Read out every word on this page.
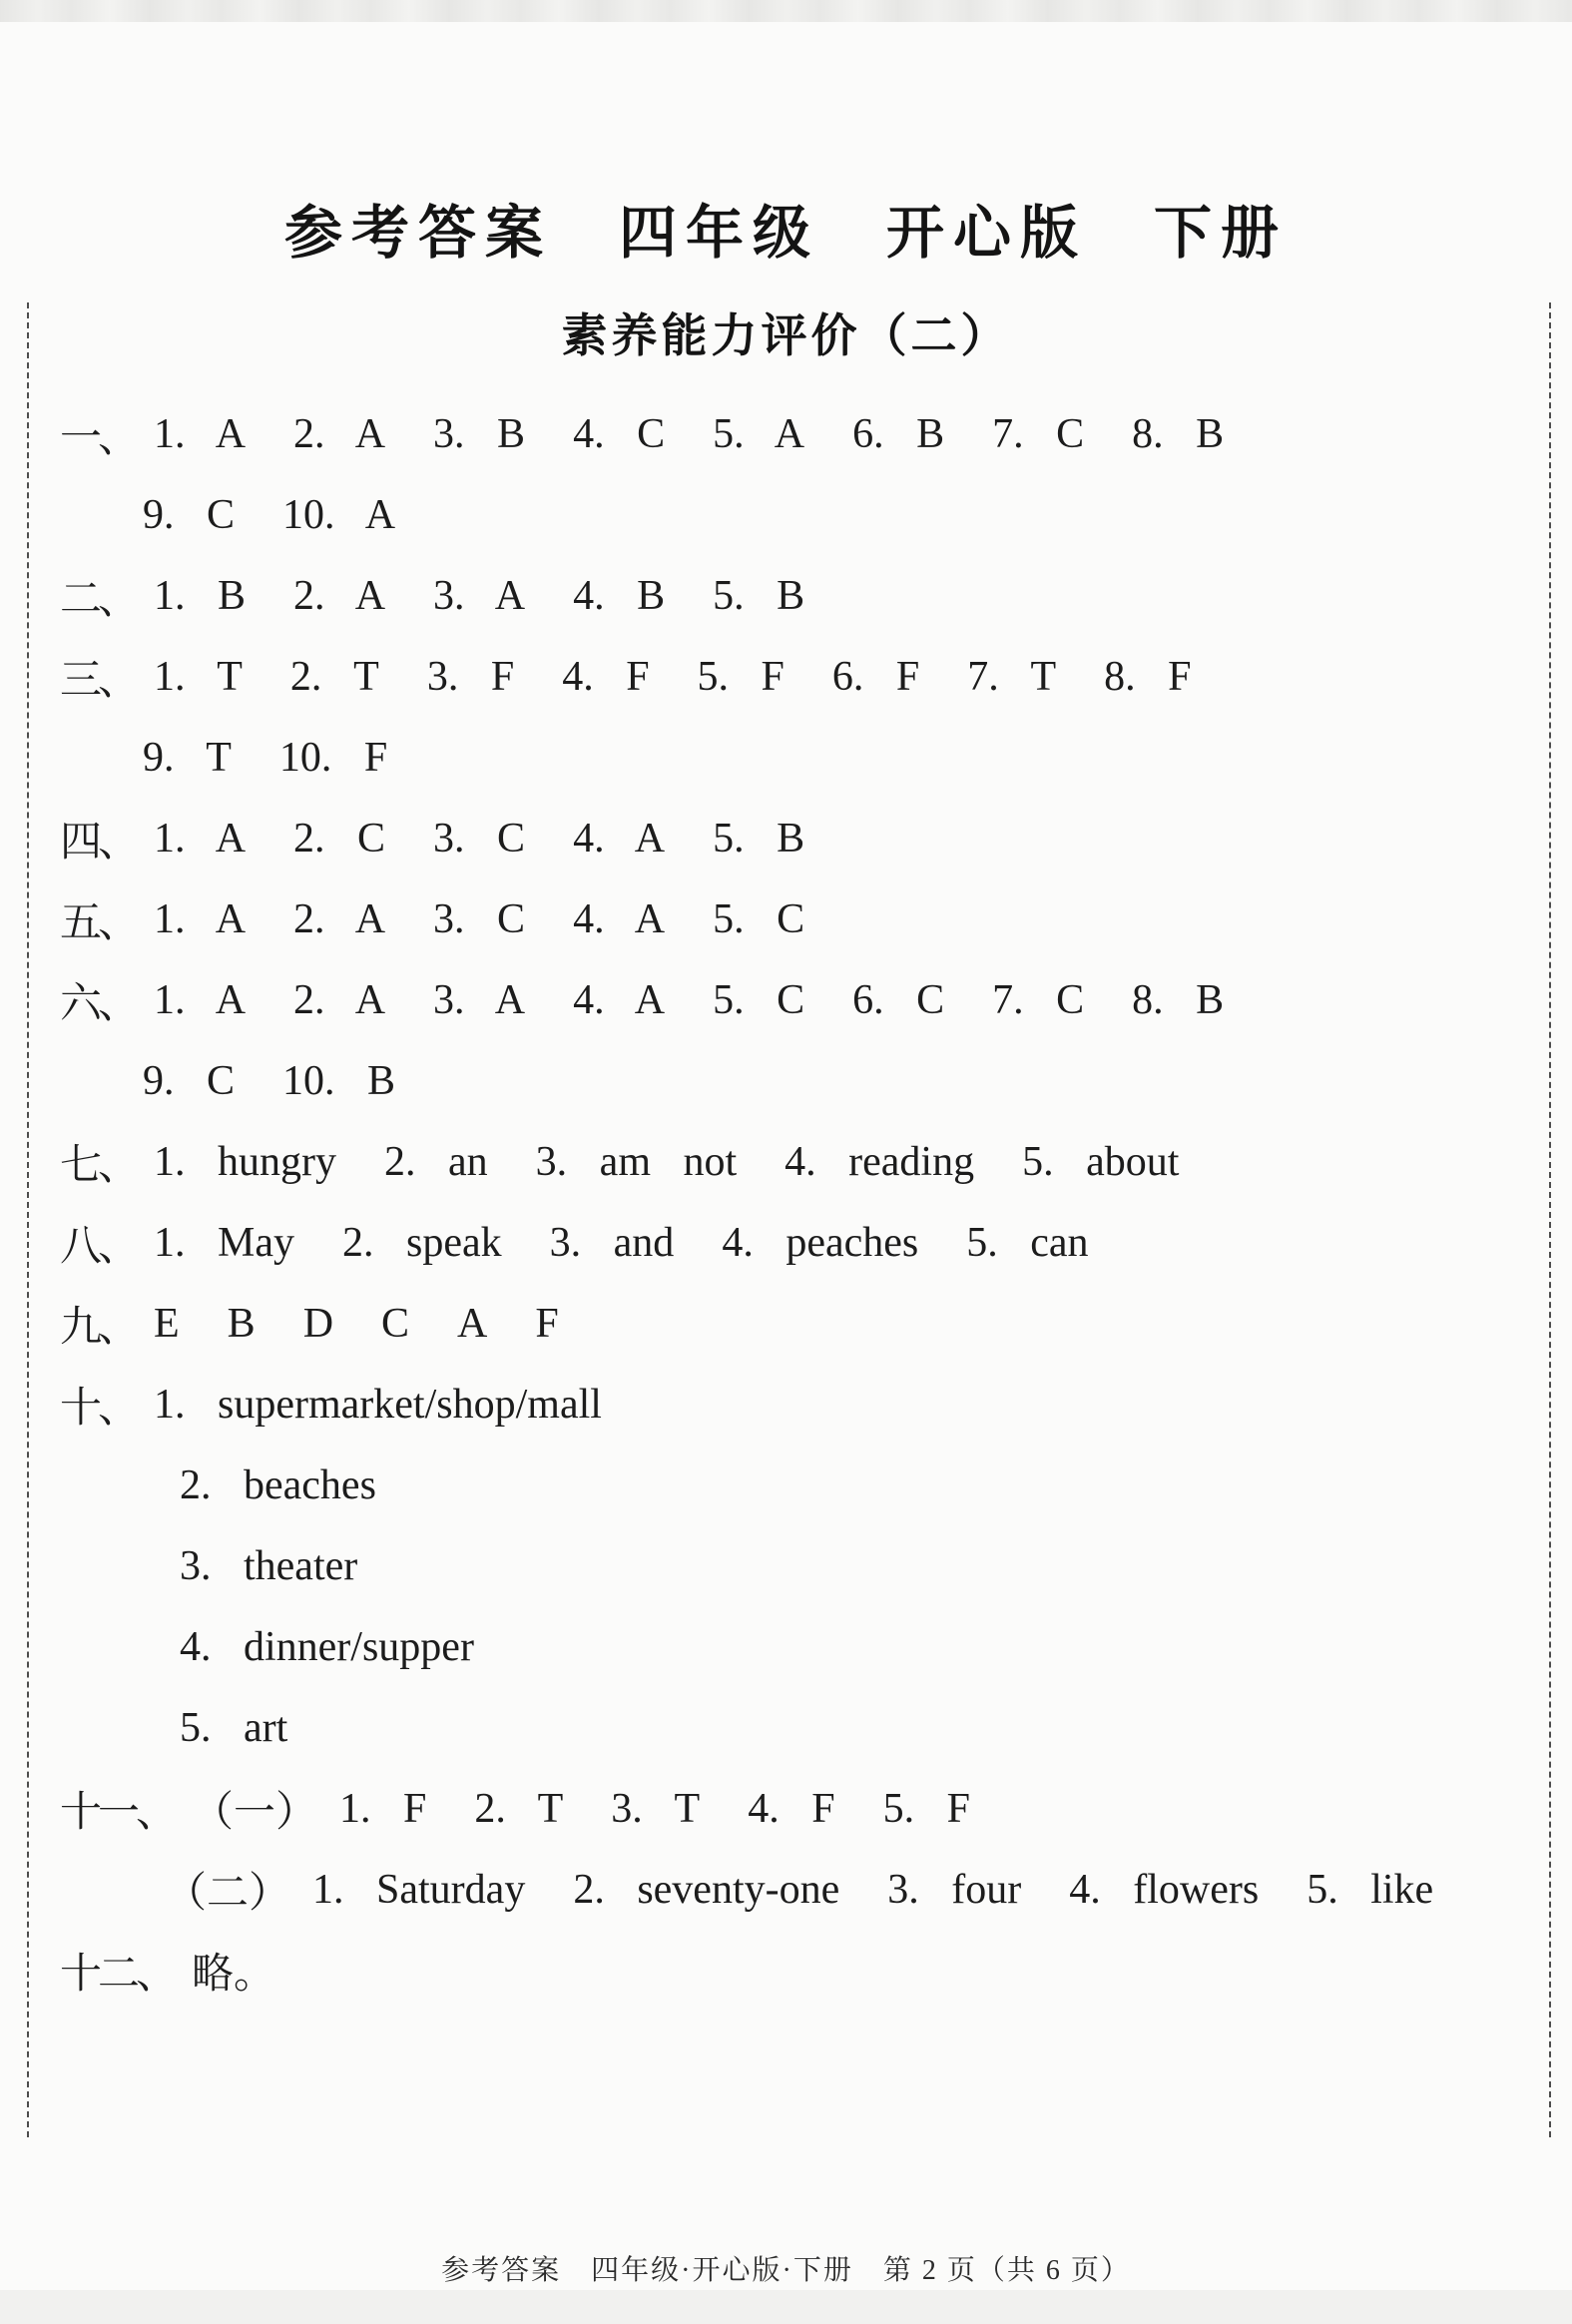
参考答案　四年级　开心版　下册
素养能力评价（二）
一、 1. A 2. A 3. B 4. C 5. A 6. B 7. C 8. B
9. C 10. A
二、 1. B 2. A 3. A 4. B 5. B
三、 1. T 2. T 3. F 4. F 5. F 6. F 7. T 8. F
9. T 10. F
四、 1. A 2. C 3. C 4. A 5. B
五、 1. A 2. A 3. C 4. A 5. C
六、 1. A 2. A 3. A 4. A 5. C 6. C 7. C 8. B
9. C 10. B
七、 1. hungry 2. an 3. am not 4. reading 5. about
八、 1. May 2. speak 3. and 4. peaches 5. can
九、 E B D C A F
十、 1. supermarket/shop/mall
2. beaches
3. theater
4. dinner/supper
5. art
十一、 （一） 1. F 2. T 3. T 4. F 5. F
（二） 1. Saturday 2. seventy-one 3. four 4. flowers 5. like
十二、 略。
参考答案　四年级·开心版·下册　第 2 页（共 6 页）
